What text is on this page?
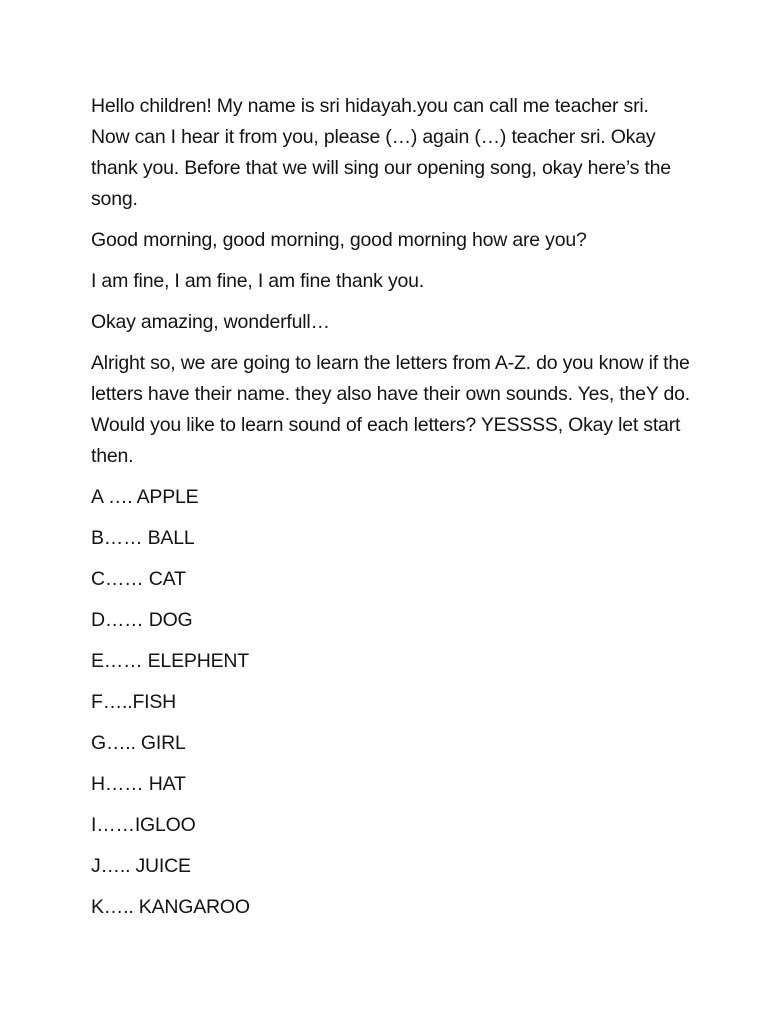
Hello children! My name is sri hidayah.you can call me teacher sri. Now can I hear it from you, please (…) again (…) teacher sri. Okay thank you. Before that we will sing our opening song, okay here’s the song.

Good morning, good morning, good morning how are you?

I am fine, I am fine, I am fine thank you.

Okay amazing, wonderfull…

Alright so, we are going to learn the letters from A-Z. do you know if the letters have their name. they also have their own sounds. Yes, theY do. Would you like to learn sound of each letters? YESSSS, Okay let start then.

A …. APPLE

B…… BALL

C…… CAT

D…… DOG

E…… ELEPHENT

F…..FISH

G….. GIRL

H…… HAT

I……IGLOO

J….. JUICE

K….. KANGAROO
